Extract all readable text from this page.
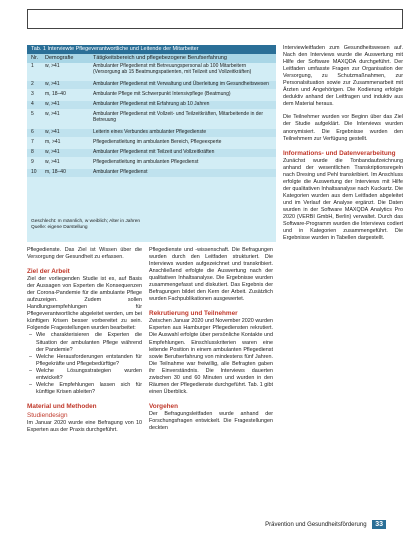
Tab. 1 Interviewte Pflegeverantwortliche und Leitende der Mitarbeiter
Nr.	Demografie	Tätigkeitsbereich und pflegebezogene Berufserfahrung
1	w, >41	Ambulanter Pflegedienst mit Betreuungspersonal ab 100 Mitarbeitern (Versorgung ab 15 Beatmungspatienten, mit Teilzeit und Vollzeitkräften)
2	w, >41	Ambulanter Pflegedienst mit Verwaltung und Überleitung im Gesundheitswesen
3	m, 18–40	Ambulante Pflege mit Schwerpunkt Intensivpflege (Beatmung)
4	w, >41	Ambulanter Pflegedienst mit Erfahrung ab 10 Jahren
5	w, >41	Ambulanter Pflegedienst mit Vollzeit- und Teilzeitkräften, Mitarbeitende in der Betreuung
6	w, >41	Leiterin eines Verbundes ambulanter Pflegedienste
7	m, >41	Pflegedienstleitung im ambulanten Bereich, Pflegeexperte
8	w, >41	Ambulanter Pflegedienst mit Teilzeit und Vollzeitkräften
9	w, >41	Pflegedienstleitung im ambulanten Pflegedienst
10	m, 18–40	Ambulanter Pflegedienst
Geschlecht: m männlich, w weiblich; Alter in Jahren
Quelle: eigene Darstellung

Pflegedienste. Das Ziel ist Wissen über die Versorgung der Gesundheit zu erfassen.

Ziel der Arbeit

Ziel der vorliegenden Studie ist es, auf Basis der Aussagen von Experten die Konsequenzen der Corona-Pandemie für die ambulante Pflege aufzuzeigen. Zudem sollen Handlungsempfehlungen für Pflegeverantwortliche abgeleitet werden, um bei künftigen Krisen besser vorbereitet zu sein. Folgende Fragestellungen wurden bearbeitet:

– Wie charakterisieren die Experten die Situation der ambulanten Pflege während der Pandemie?
– Welche Herausforderungen entstanden für Pflegekräfte und Pflegebedürftige?
– Welche Lösungsstrategien wurden entwickelt?
– Welche Empfehlungen lassen sich für künftige Krisen ableiten?
Material und Methoden
Studiendesign

Im Januar 2020 wurde eine Befragung von 10 Experten aus der Praxis durchgeführt.

Pflegedienste und -wissenschaft. Die Befragungen wurden durch den Leitfaden strukturiert. Die Interviews wurden aufgezeichnet und transkribiert. Anschließend erfolgte die Auswertung nach der qualitativen Inhaltsanalyse. Die Ergebnisse wurden zusammengefasst und diskutiert. Das Ergebnis der Befragungen bildet den Kern der Arbeit. Zusätzlich wurden Fachpublikationen ausgewertet.

Rekrutierung und Teilnehmer

Zwischen Januar 2020 und November 2020 wurden Experten aus Hamburger Pflegediensten rekrutiert. Die Auswahl erfolgte über persönliche Kontakte und Empfehlungen. Einschlusskriterien waren eine leitende Position in einem ambulanten Pflegedienst sowie Berufserfahrung von mindestens fünf Jahren. Die Teilnahme war freiwillig, alle Befragten gaben ihr Einverständnis. Die Interviews dauerten zwischen 30 und 60 Minuten und wurden in den Räumen der Pflegedienste durchgeführt. Tab. 1 gibt einen Überblick.

Vorgehen

Der Befragungsleitfaden wurde anhand der Forschungsfragen entwickelt. Die Fragestellungen deckten

Interviewleitfaden zum Gesundheitswesen auf. Nach den Interviews wurde die Auswertung mit Hilfe der Software MAXQDA durchgeführt. Der Leitfaden umfasste Fragen zur Organisation der Versorgung, zu Schutzmaßnahmen, zur Personalsituation sowie zur Zusammenarbeit mit Ärzten und Angehörigen. Die Kodierung erfolgte deduktiv anhand der Leitfragen und induktiv aus dem Material heraus.

Die Teilnehmer wurden vor Beginn über das Ziel der Studie aufgeklärt. Die Interviews wurden anonymisiert. Die Ergebnisse wurden den Teilnehmern zur Verfügung gestellt.

Informations- und Datenverarbeitung

Zunächst wurde die Tonbandaufzeichnung anhand der wesentlichen Transkriptionsregeln nach Dresing und Pehl transkribiert. Im Anschluss erfolgte die Auswertung der Interviews mit Hilfe der qualitativen Inhaltsanalyse nach Kuckartz. Die Kategorien wurden aus dem Leitfaden abgeleitet und im Verlauf der Analyse ergänzt. Die Daten wurden in der Software MAXQDA Analytics Pro 2020 (VERBI GmbH, Berlin) verwaltet. Durch das Software-Programm wurden die Interviews codiert und in Kategorien zusammengeführt. Die Ergebnisse wurden in Tabellen dargestellt.

Prävention und Gesundheitsförderung 33
